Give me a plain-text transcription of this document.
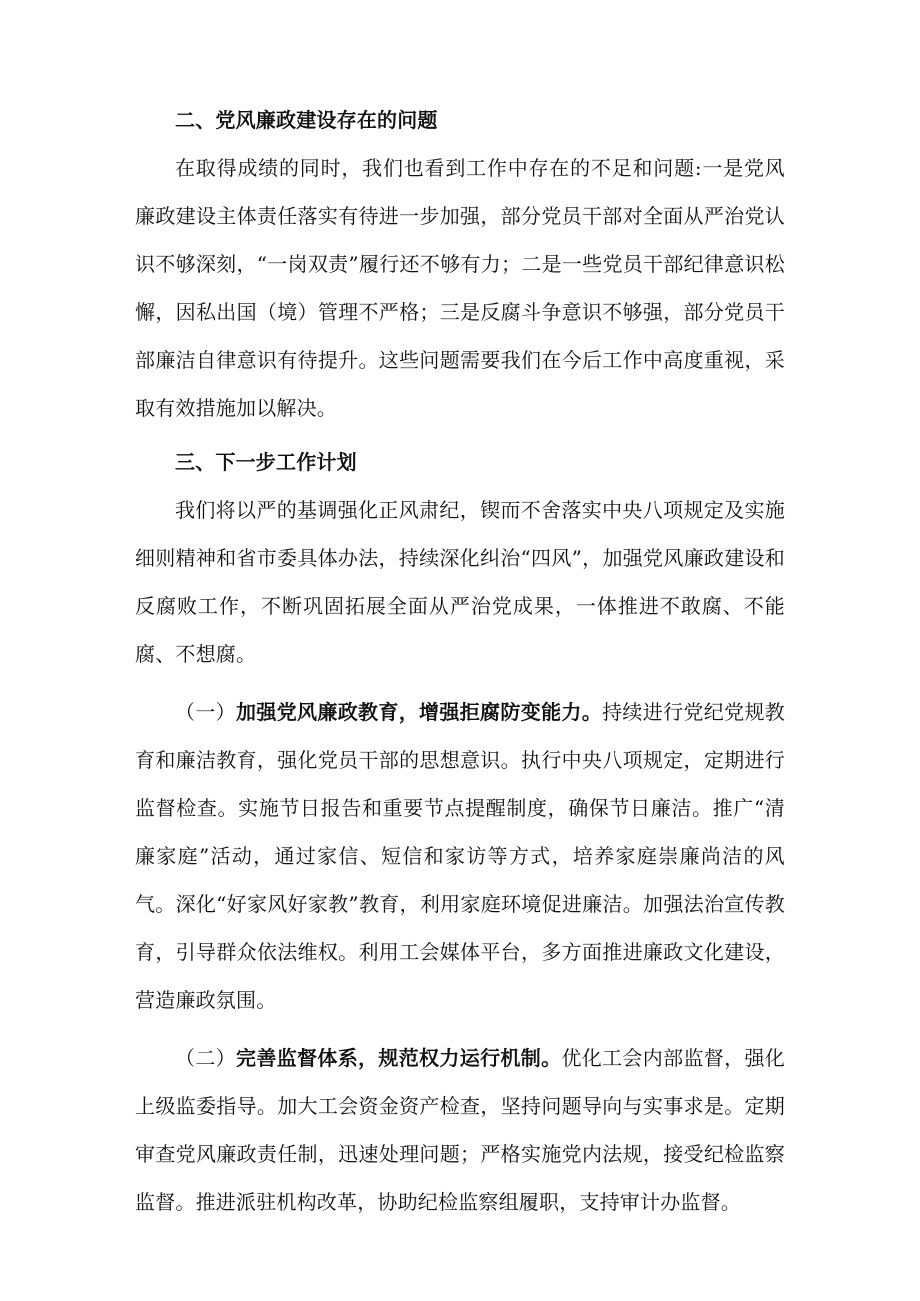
二、党风廉政建设存在的问题

在取得成绩的同时，我们也看到工作中存在的不足和问题:一是党风廉政建设主体责任落实有待进一步加强，部分党员干部对全面从严治党认识不够深刻，“一岗双责”履行还不够有力；二是一些党员干部纪律意识松懈，因私出国（境）管理不严格；三是反腐斗争意识不够强，部分党员干部廉洁自律意识有待提升。这些问题需要我们在今后工作中高度重视，采取有效措施加以解决。

三、下一步工作计划

我们将以严的基调强化正风肃纪，锲而不舍落实中央八项规定及实施细则精神和省市委具体办法，持续深化纠治“四风”，加强党风廉政建设和反腐败工作，不断巩固拓展全面从严治党成果，一体推进不敢腐、不能腐、不想腐。

（一）加强党风廉政教育，增强拒腐防变能力。持续进行党纪党规教育和廉洁教育，强化党员干部的思想意识。执行中央八项规定，定期进行监督检查。实施节日报告和重要节点提醒制度，确保节日廉洁。推广“清廉家庭”活动，通过家信、短信和家访等方式，培养家庭崇廉尚洁的风气。深化“好家风好家教”教育，利用家庭环境促进廉洁。加强法治宣传教育，引导群众依法维权。利用工会媒体平台，多方面推进廉政文化建设，营造廉政氛围。

（二）完善监督体系，规范权力运行机制。优化工会内部监督，强化上级监委指导。加大工会资金资产检查，坚持问题导向与实事求是。定期审查党风廉政责任制，迅速处理问题；严格实施党内法规，接受纪检监察监督。推进派驻机构改革，协助纪检监察组履职，支持审计办监督。
